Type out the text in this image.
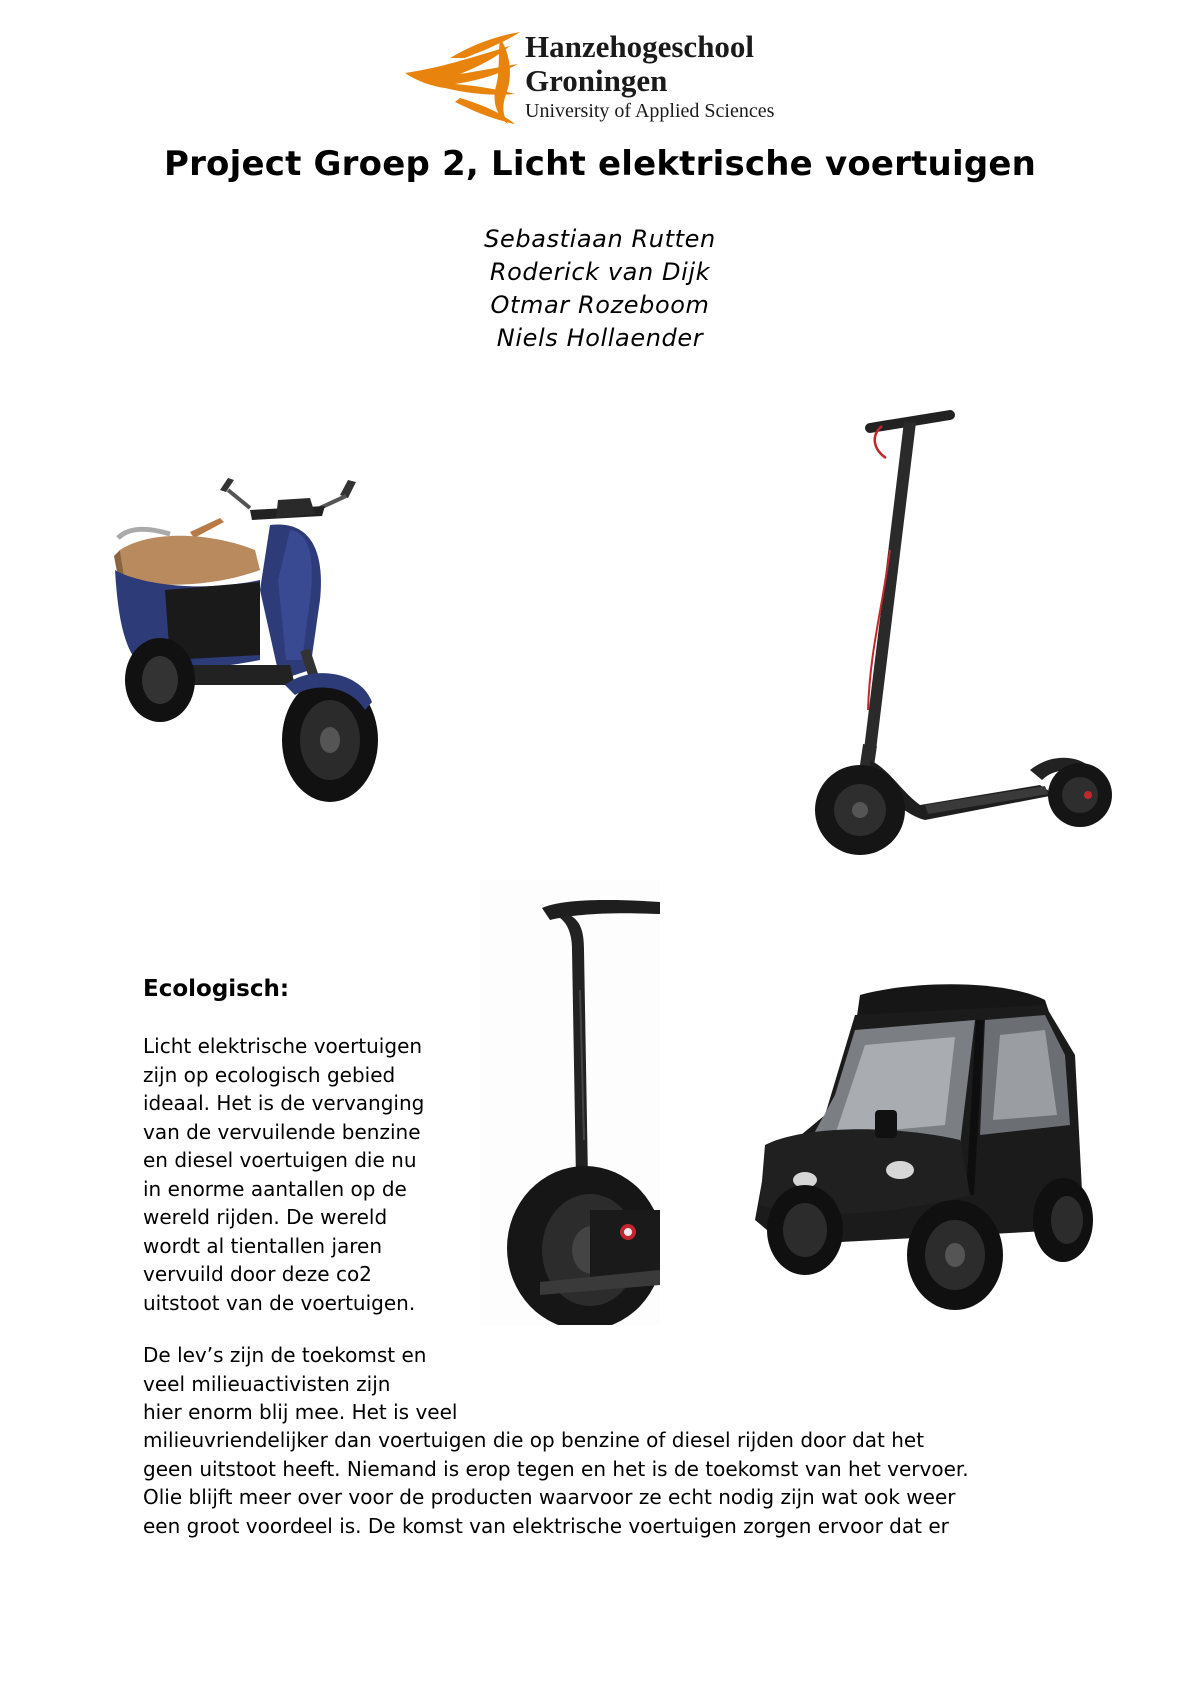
Hanzehogeschool
Groningen
University of Applied Sciences
Project Groep 2, Licht elektrische voertuigen
Sebastiaan Rutten
Roderick van Dijk
Otmar Rozeboom
Niels Hollaender
Ecologisch:
Licht elektrische voertuigen
zijn op ecologisch gebied
ideaal. Het is de vervanging
van de vervuilende benzine
en diesel voertuigen die nu
in enorme aantallen op de
wereld rijden. De wereld
wordt al tientallen jaren
vervuild door deze co2
uitstoot van de voertuigen.
De lev’s zijn de toekomst en
veel milieuactivisten zijn
hier enorm blij mee. Het is veel
milieuvriendelijker dan voertuigen die op benzine of diesel rijden door dat het
geen uitstoot heeft. Niemand is erop tegen en het is de toekomst van het vervoer.
Olie blijft meer over voor de producten waarvoor ze echt nodig zijn wat ook weer
een groot voordeel is. De komst van elektrische voertuigen zorgen ervoor dat er
